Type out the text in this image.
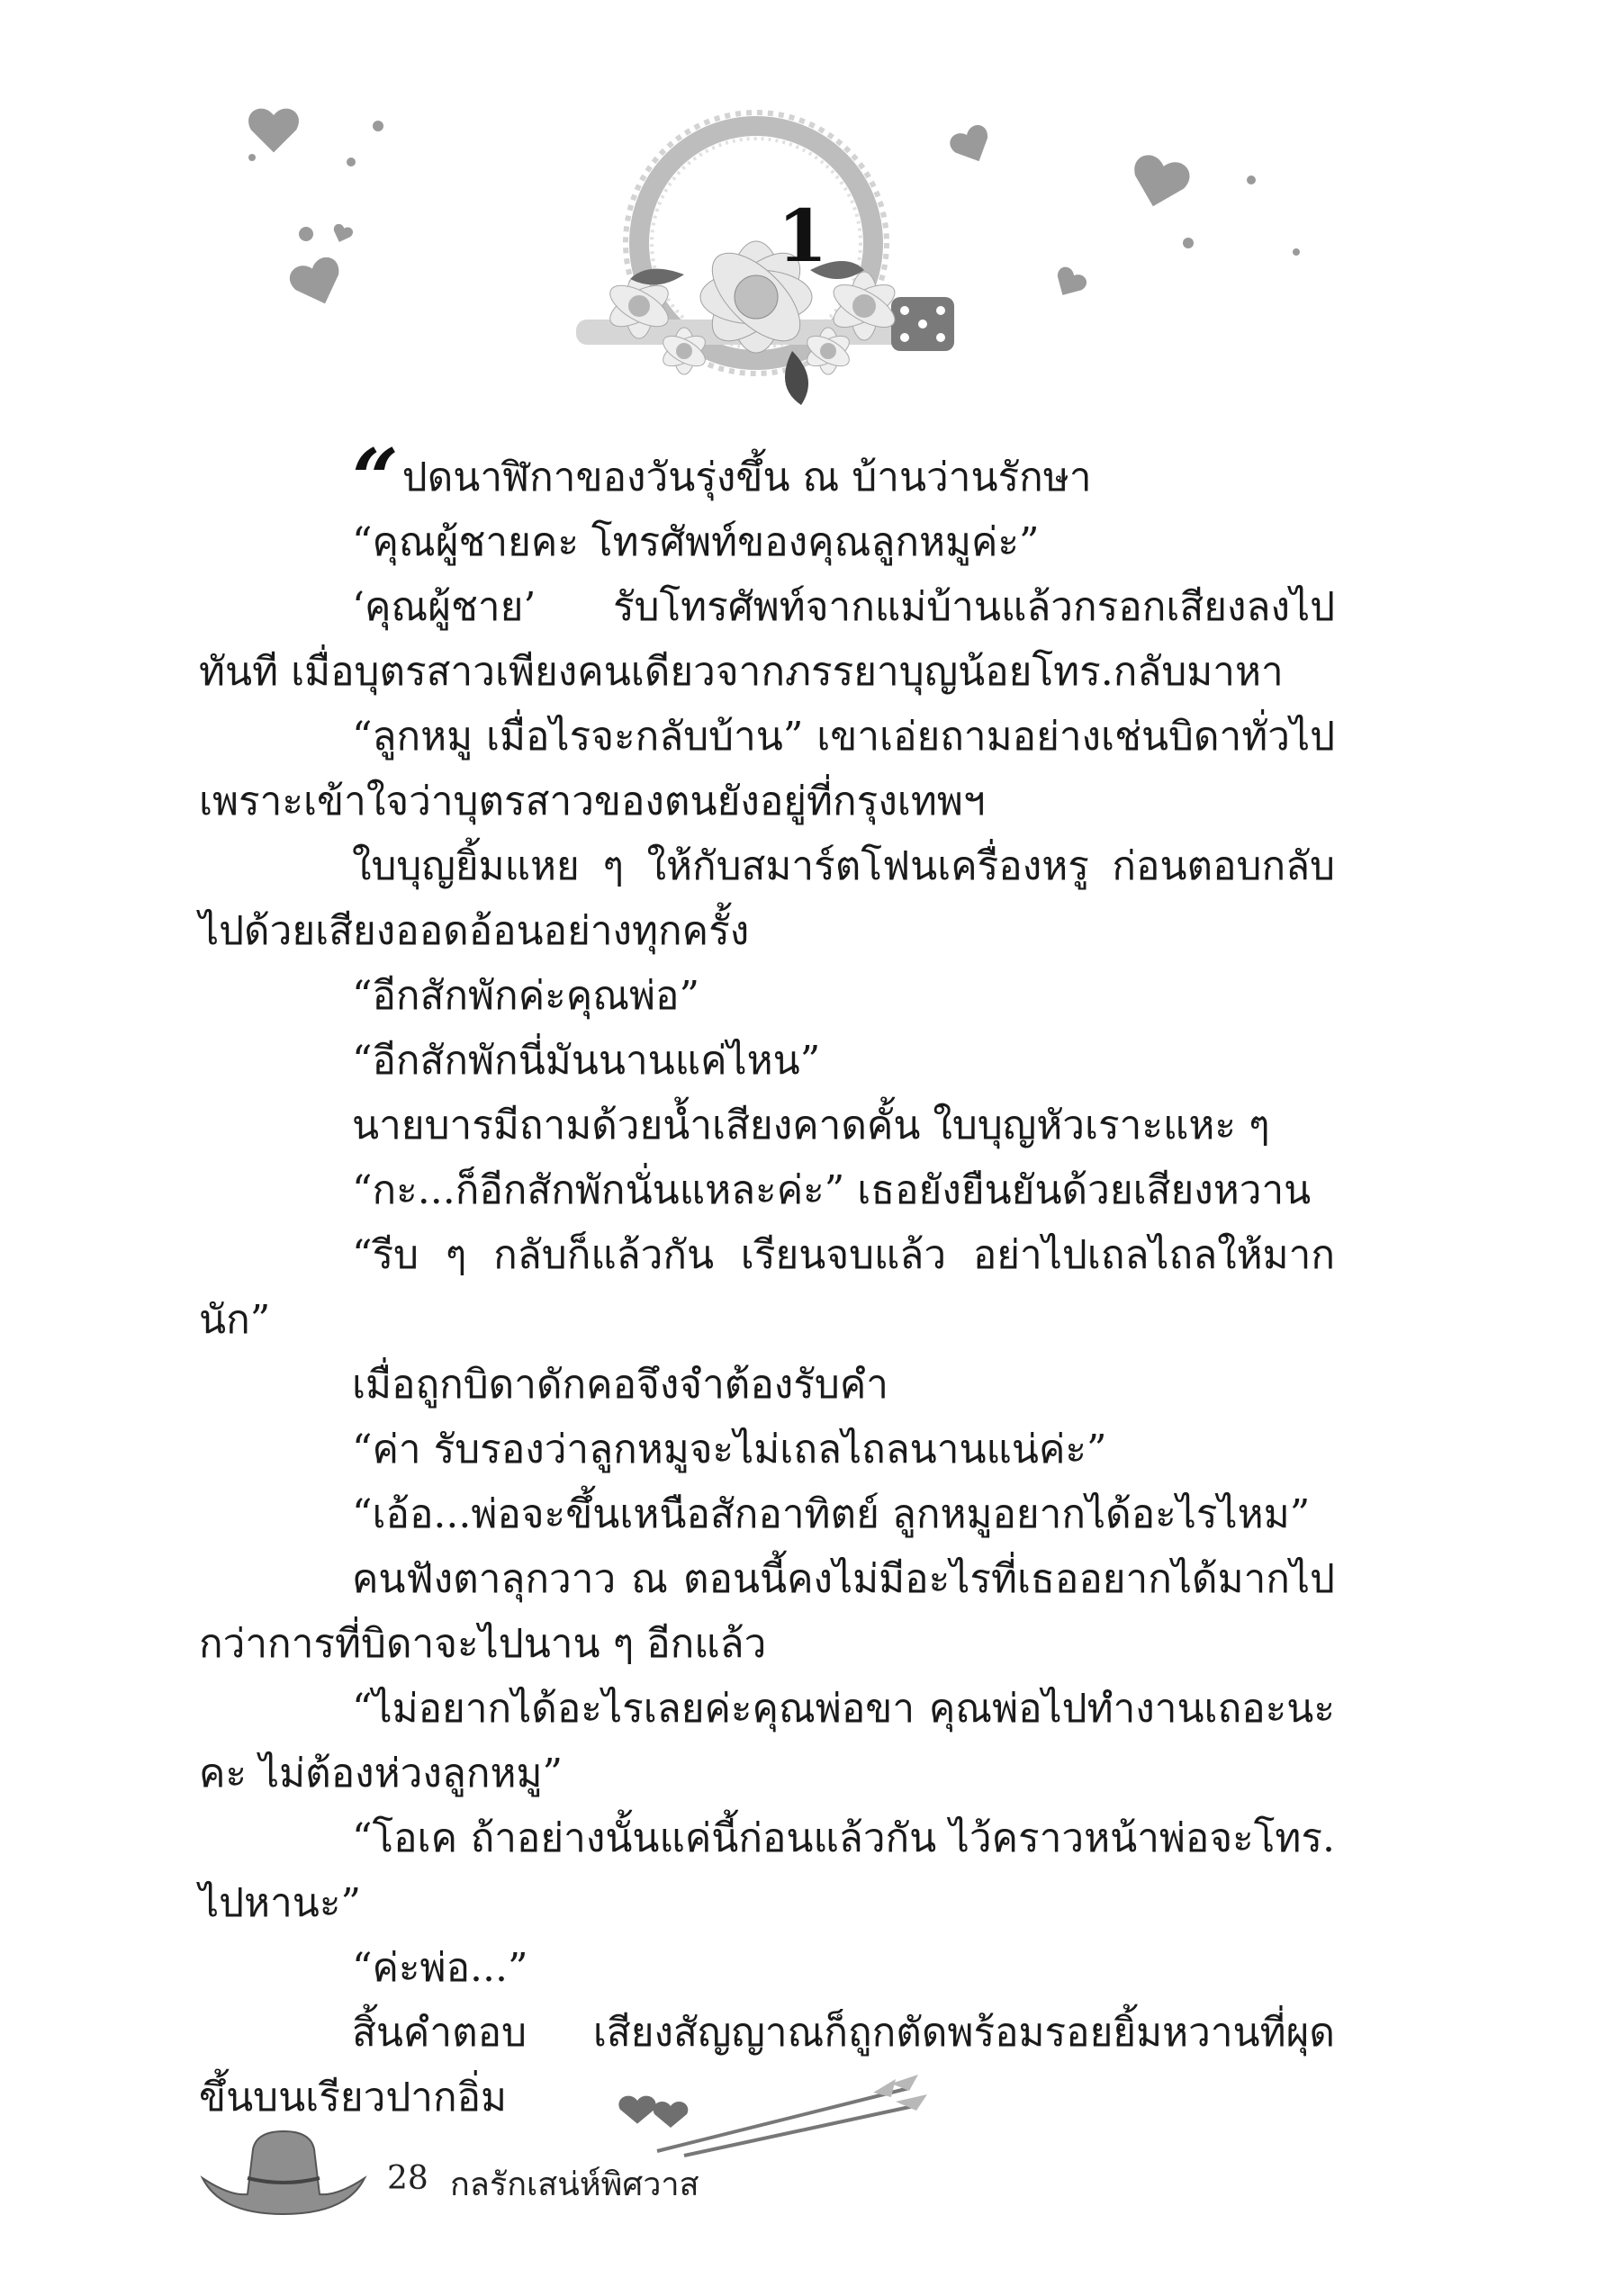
1

“ปดนาฬิกาของวันรุ่งขึ้น ณ บ้านว่านรักษา

“คุณผู้ชายคะ โทรศัพท์ของคุณลูกหมูค่ะ”

‘คุณผู้ชาย’ รับโทรศัพท์จากแม่บ้านแล้วกรอกเสียงลงไปทันที เมื่อบุตรสาวเพียงคนเดียวจากภรรยาบุญน้อยโทร.กลับมาหา

“ลูกหมู เมื่อไรจะกลับบ้าน” เขาเอ่ยถามอย่างเช่นบิดาทั่วไป เพราะเข้าใจว่าบุตรสาวของตนยังอยู่ที่กรุงเทพฯ

ใบบุญยิ้มแหย ๆ ให้กับสมาร์ตโฟนเครื่องหรู ก่อนตอบกลับไปด้วยเสียงออดอ้อนอย่างทุกครั้ง

“อีกสักพักค่ะคุณพ่อ”

“อีกสักพักนี่มันนานแค่ไหน”

นายบารมีถามด้วยน้ำเสียงคาดคั้น ใบบุญหัวเราะแหะ ๆ

“กะ...ก็อีกสักพักนั่นแหละค่ะ” เธอยังยืนยันด้วยเสียงหวาน

“รีบ ๆ กลับก็แล้วกัน เรียนจบแล้ว อย่าไปเถลไถลให้มากนัก”

เมื่อถูกบิดาดักคอจึงจำต้องรับคำ

“ค่า รับรองว่าลูกหมูจะไม่เถลไถลนานแน่ค่ะ”

“เอ้อ...พ่อจะขึ้นเหนือสักอาทิตย์ ลูกหมูอยากได้อะไรไหม”

คนฟังตาลุกวาว ณ ตอนนี้คงไม่มีอะไรที่เธออยากได้มากไปกว่าการที่บิดาจะไปนาน ๆ อีกแล้ว

“ไม่อยากได้อะไรเลยค่ะคุณพ่อขา คุณพ่อไปทำงานเถอะนะคะ ไม่ต้องห่วงลูกหมู”

“โอเค ถ้าอย่างนั้นแค่นี้ก่อนแล้วกัน ไว้คราวหน้าพ่อจะโทร. ไปหานะ”

“ค่ะพ่อ...”

สิ้นคำตอบ เสียงสัญญาณก็ถูกตัดพร้อมรอยยิ้มหวานที่ผุดขึ้นบนเรียวปากอิ่ม

28 กลรักเสน่ห์พิศวาส
